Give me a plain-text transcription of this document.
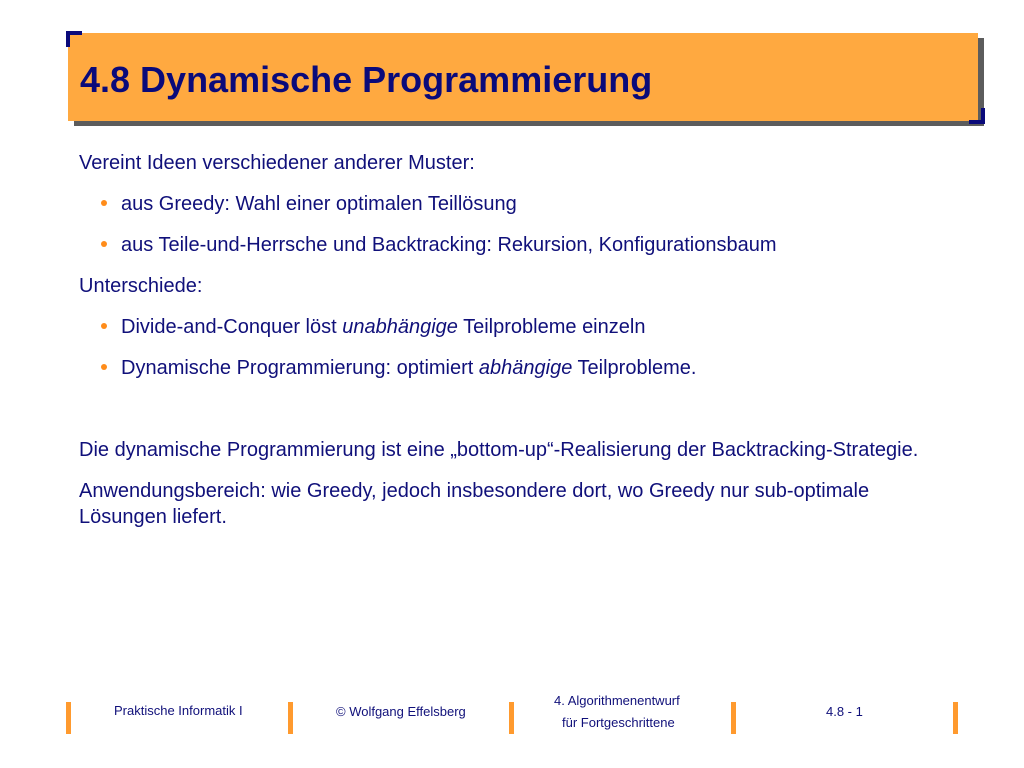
4.8 Dynamische Programmierung

Vereint Ideen verschiedener anderer Muster:

aus Greedy: Wahl einer optimalen Teillösung
aus Teile-und-Herrsche und Backtracking: Rekursion, Konfigurationsbaum

Unterschiede:

Divide-and-Conquer löst unabhängige Teilprobleme einzeln
Dynamische Programmierung: optimiert abhängige Teilprobleme.

Die dynamische Programmierung ist eine „bottom-up“-Realisierung der Backtracking-Strategie.

Anwendungsbereich: wie Greedy, jedoch insbesondere dort, wo Greedy nur sub-optimale Lösungen liefert.

Praktische Informatik I	© Wolfgang Effelsberg
4. Algorithmenentwurf
für Fortgeschrittene
4.8 - 1
